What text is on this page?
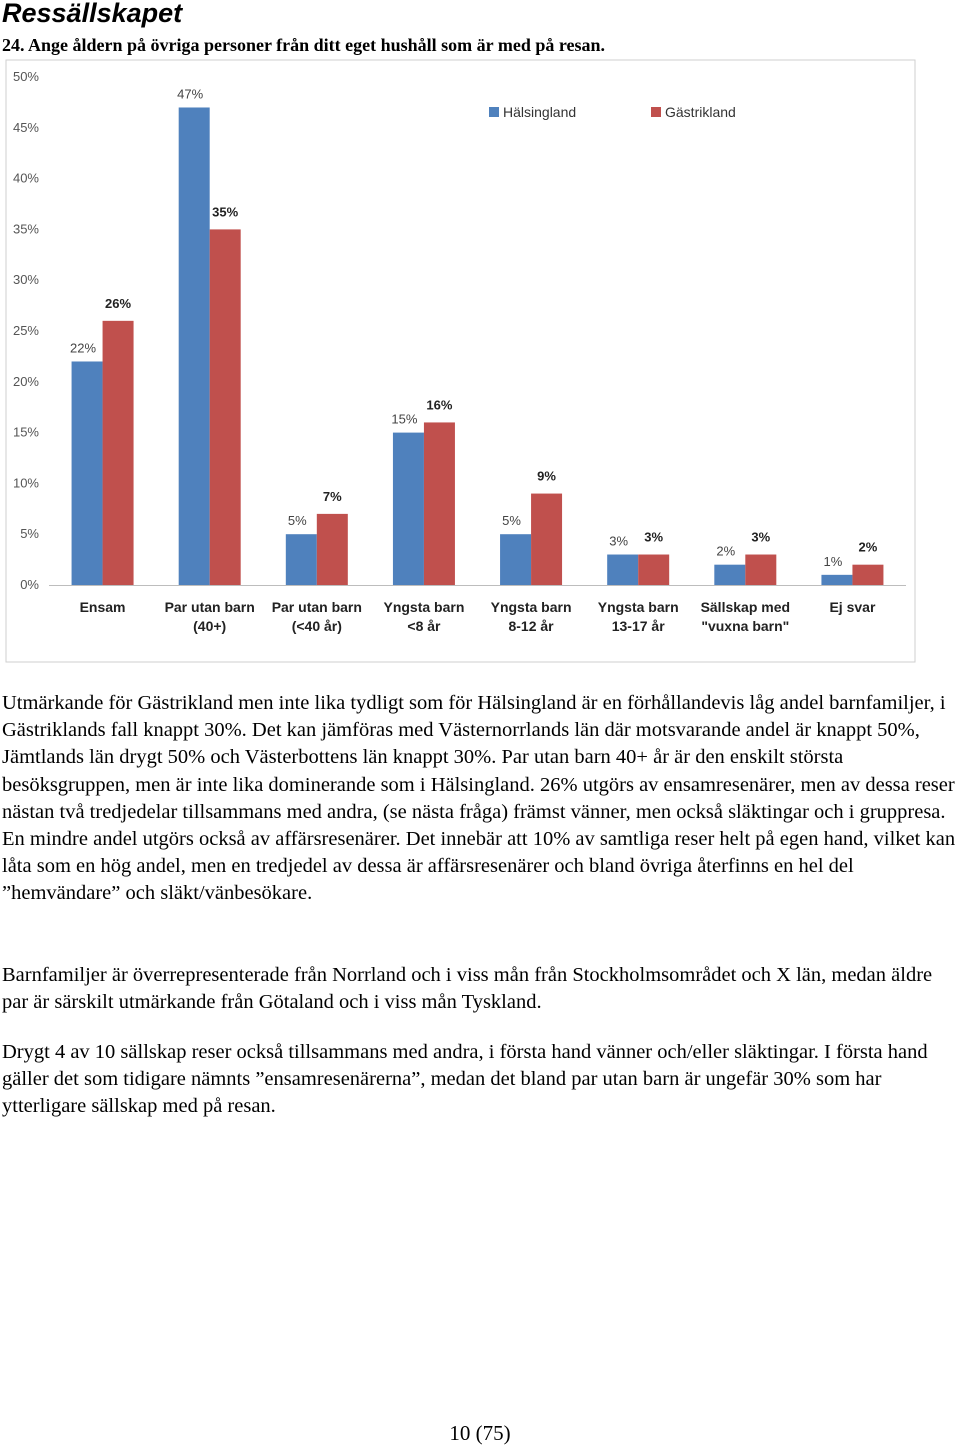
Ressällskapet

24. Ange åldern på övriga personer från ditt eget hushåll som är med på resan.

0%
5%
10%
15%
20%
25%
30%
35%
40%
45%
50%
22%
26%
47%
35%
5%
7%
15%
16%
5%
9%
3% 3%
2%
3%
1%
2%
Ensam	Par utan barn (40+)
Par utan barn (<40 år)
Yngsta barn <8 år
Yngsta barn 8-12 år
Yngsta barn 13-17 år
Sällskap med "vuxna barn"
Ej svar
Hälsingland	Gästrikland

Utmärkande för Gästrikland men inte lika tydligt som för Hälsingland är en förhållandevis låg andel barnfamiljer, i Gästriklands fall knappt 30%. Det kan jämföras med Västernorrlands län där motsvarande andel är knappt 50%, Jämtlands län drygt 50% och Västerbottens län knappt 30%. Par utan barn 40+ år är den enskilt största besöksgruppen, men är inte lika dominerande som i Hälsingland. 26% utgörs av ensamresenärer, men av dessa reser nästan två tredjedelar tillsammans med andra, (se nästa fråga) främst vänner, men också släktingar och i gruppresa. En mindre andel utgörs också av affärsresenärer. Det innebär att 10% av samtliga reser helt på egen hand, vilket kan låta som en hög andel, men en tredjedel av dessa är affärsresenärer och bland övriga återfinns en hel del ”hemvändare” och släkt/vänbesökare.

Barnfamiljer är överrepresenterade från Norrland och i viss mån från Stockholmsområdet och X län, medan äldre par är särskilt utmärkande från Götaland och i viss mån Tyskland.

Drygt 4 av 10 sällskap reser också tillsammans med andra, i första hand vänner och/eller släktingar. I första hand gäller det som tidigare nämnts ”ensamresenärerna”, medan det bland par utan barn är ungefär 30% som har ytterligare sällskap med på resan.

10 (75)
